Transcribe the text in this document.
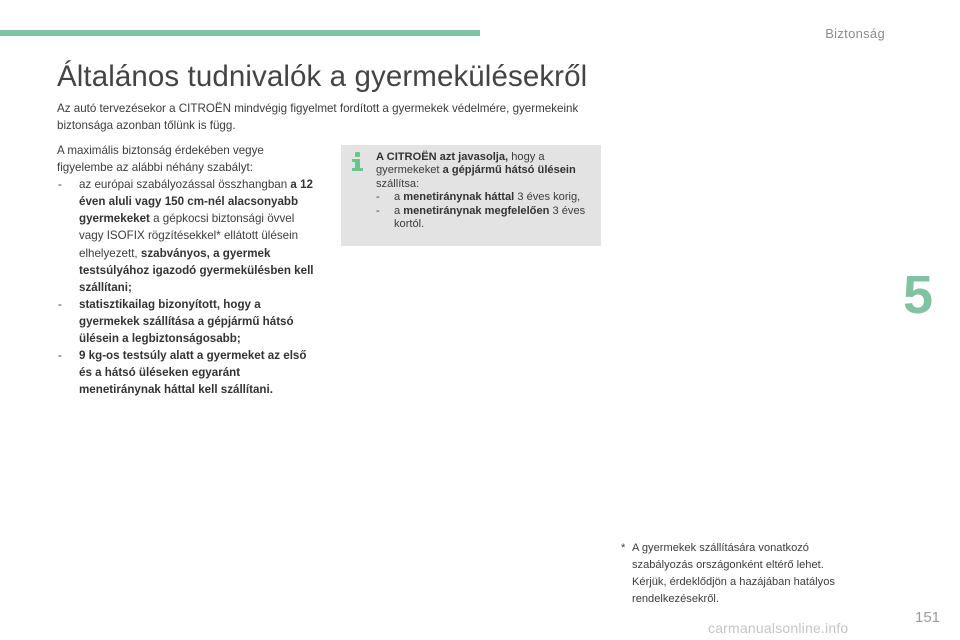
Biztonság
Általános tudnivalók a gyermekülésekről
Az autó tervezésekor a CITROËN mindvégig figyelmet fordított a gyermekek védelmére, gyermekeink biztonsága azonban tőlünk is függ.

A maximális biztonság érdekében vegye figyelembe az alábbi néhány szabályt:

- az európai szabályozással összhangban a 12 éven aluli vagy 150 cm-nél alacsonyabb gyermekeket a gépkocsi biztonsági övvel vagy ISOFIX rögzítésekkel* ellátott ülésein elhelyezett, szabványos, a gyermek testsúlyához igazodó gyermekülésben kell szállítani;
- statisztikailag bizonyított, hogy a gyermekek szállítása a gépjármű hátsó ülésein a legbiztonságosabb;
- 9 kg-os testsúly alatt a gyermeket az első és a hátsó üléseken egyaránt menetiránynak háttal kell szállítani.

A CITROËN azt javasolja, hogy a gyermekeket a gépjármű hátsó ülésein szállítsa:

- a menetiránynak háttal 3 éves korig,
- a menetiránynak megfelelően 3 éves kortól.
5
* A gyermekek szállítására vonatkozó szabályozás országonként eltérő lehet. Kérjük, érdeklődjön a hazájában hatályos rendelkezésekről.
151
carmanualsonline.info
